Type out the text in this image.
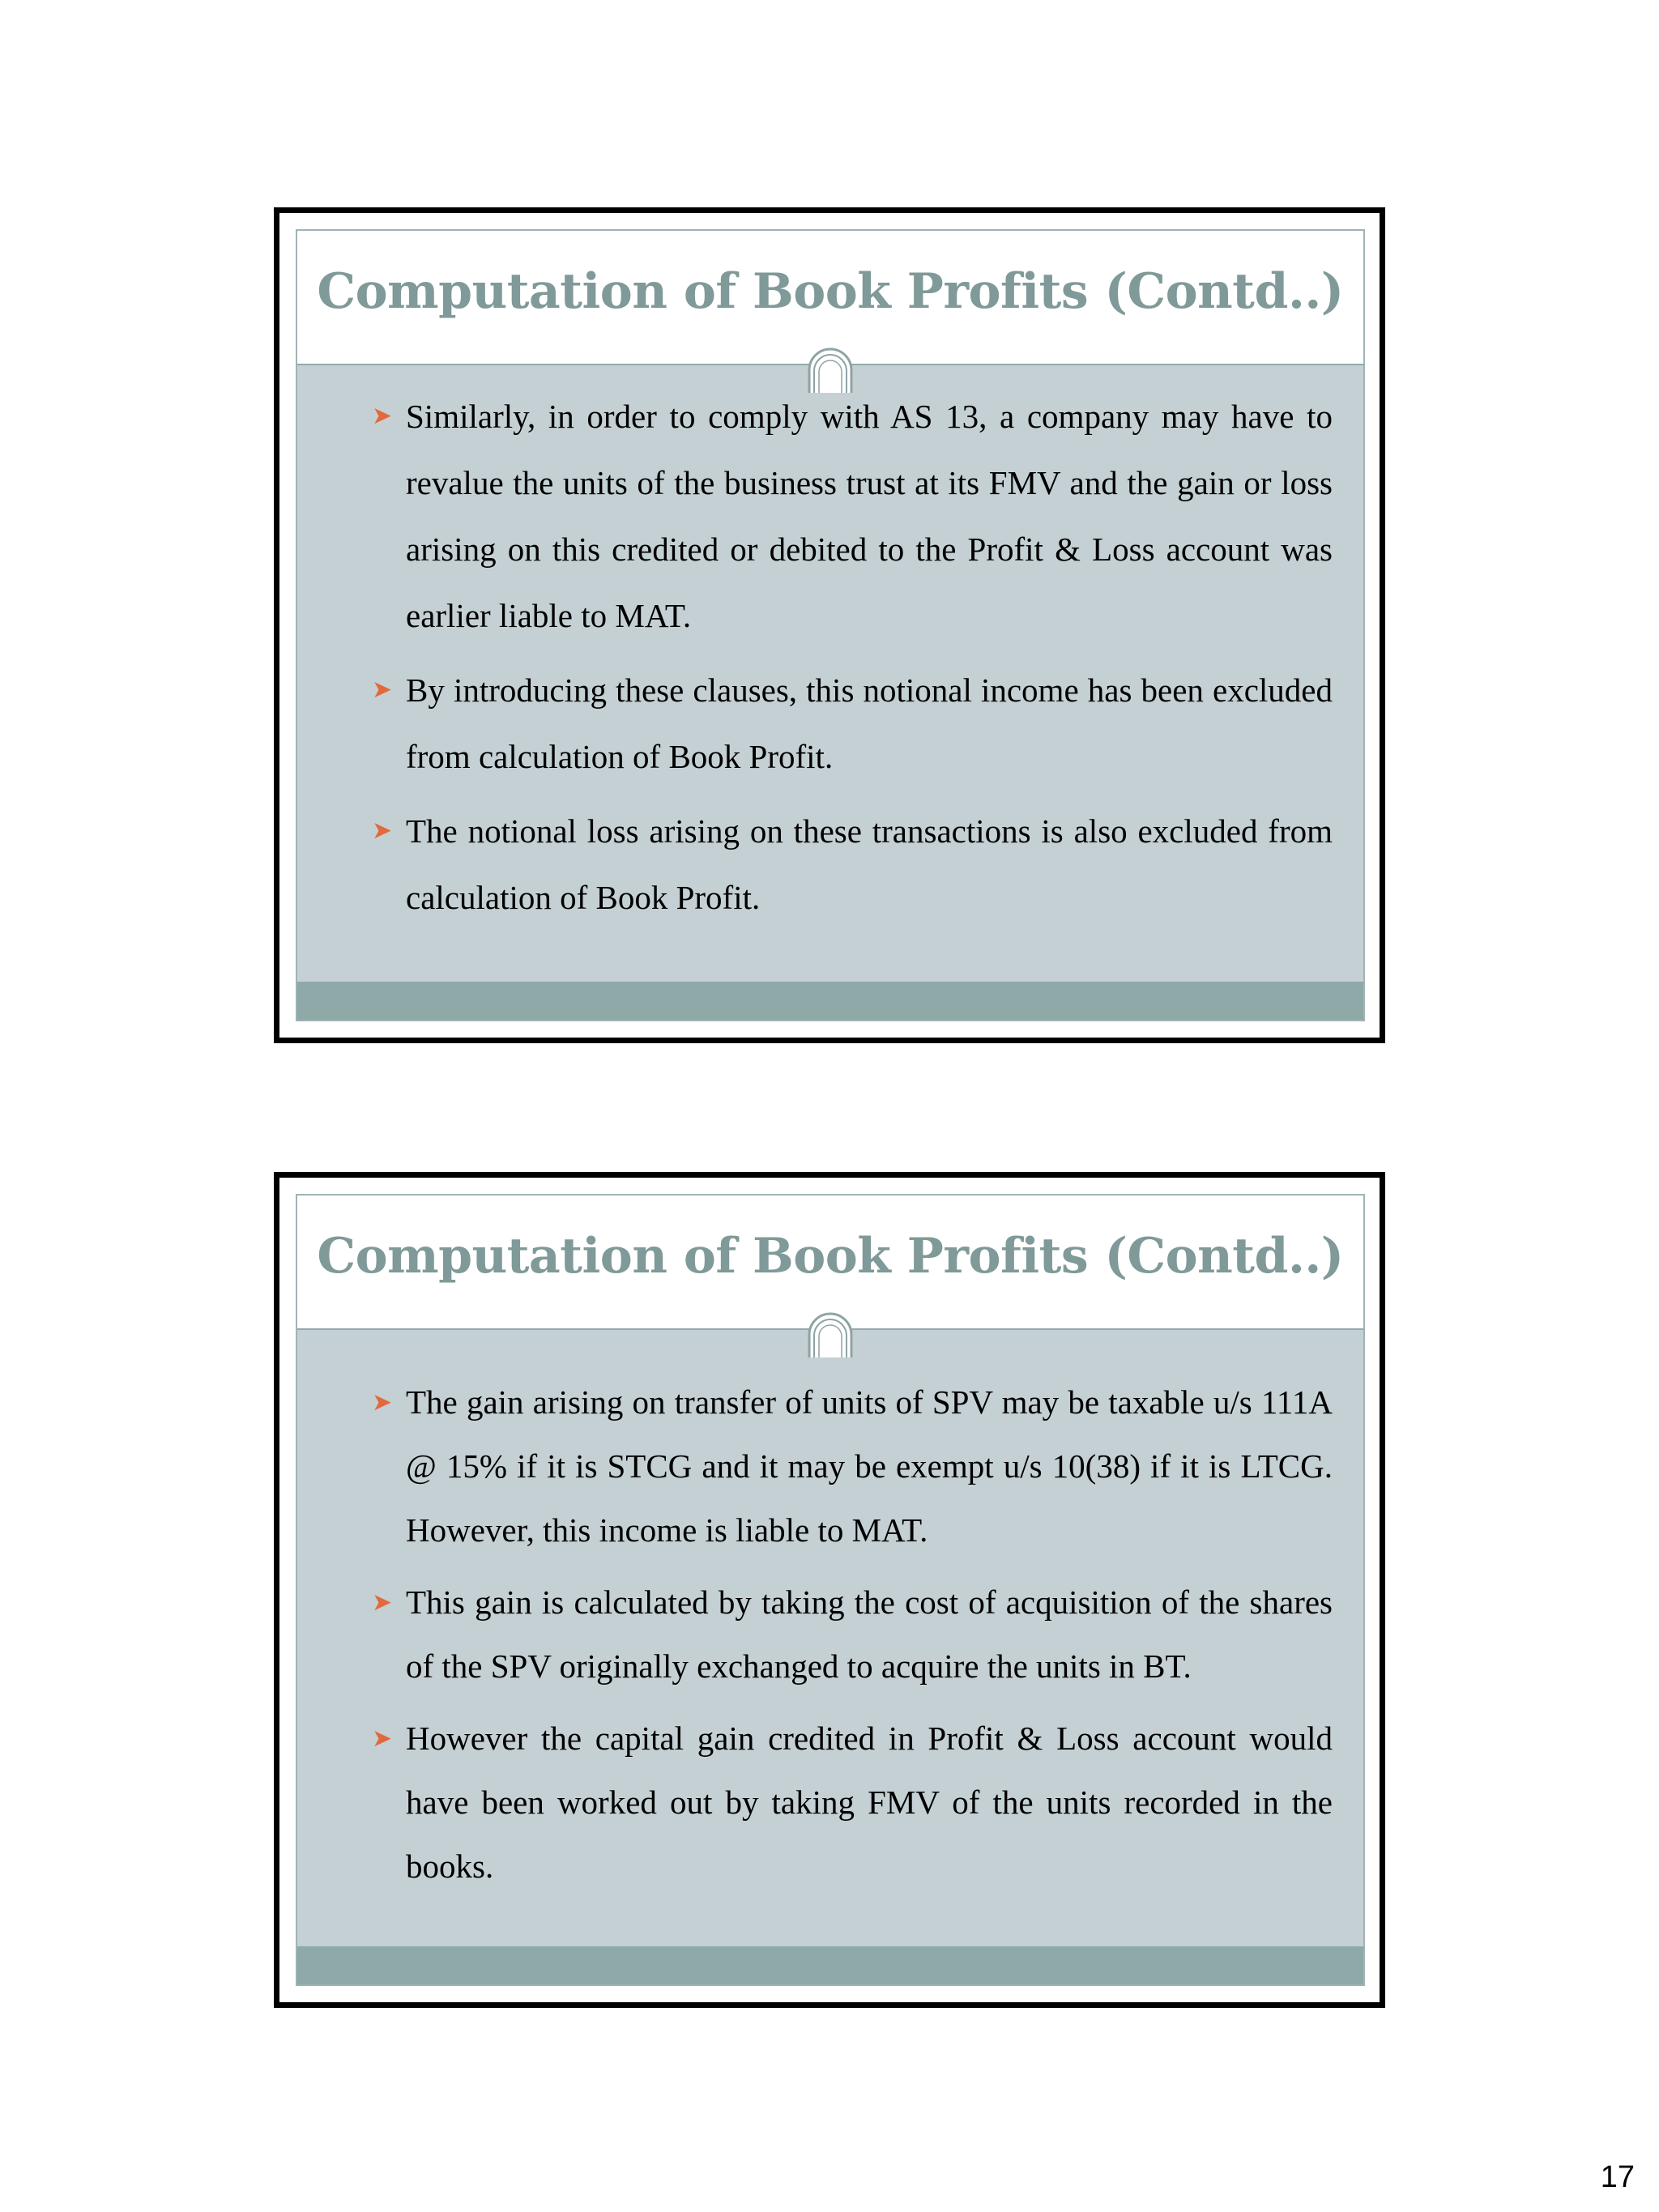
Computation of Book Profits (Contd..)
➤ Similarly, in order to comply with AS 13, a company may have to revalue the units of the business trust at its FMV and the gain or loss arising on this credited or debited to the Profit & Loss account was earlier liable to MAT.
➤ By introducing these clauses, this notional income has been excluded from calculation of Book Profit.
➤ The notional loss arising on these transactions is also excluded from calculation of Book Profit.
Computation of Book Profits (Contd..)
➤ The gain arising on transfer of units of SPV may be taxable u/s 111A @ 15% if it is STCG and it may be exempt u/s 10(38) if it is LTCG. However, this income is liable to MAT.
➤ This gain is calculated by taking the cost of acquisition of the shares of the SPV originally exchanged to acquire the units in BT.
➤ However the capital gain credited in Profit & Loss account would have been worked out by taking FMV of the units recorded in the books.
17
